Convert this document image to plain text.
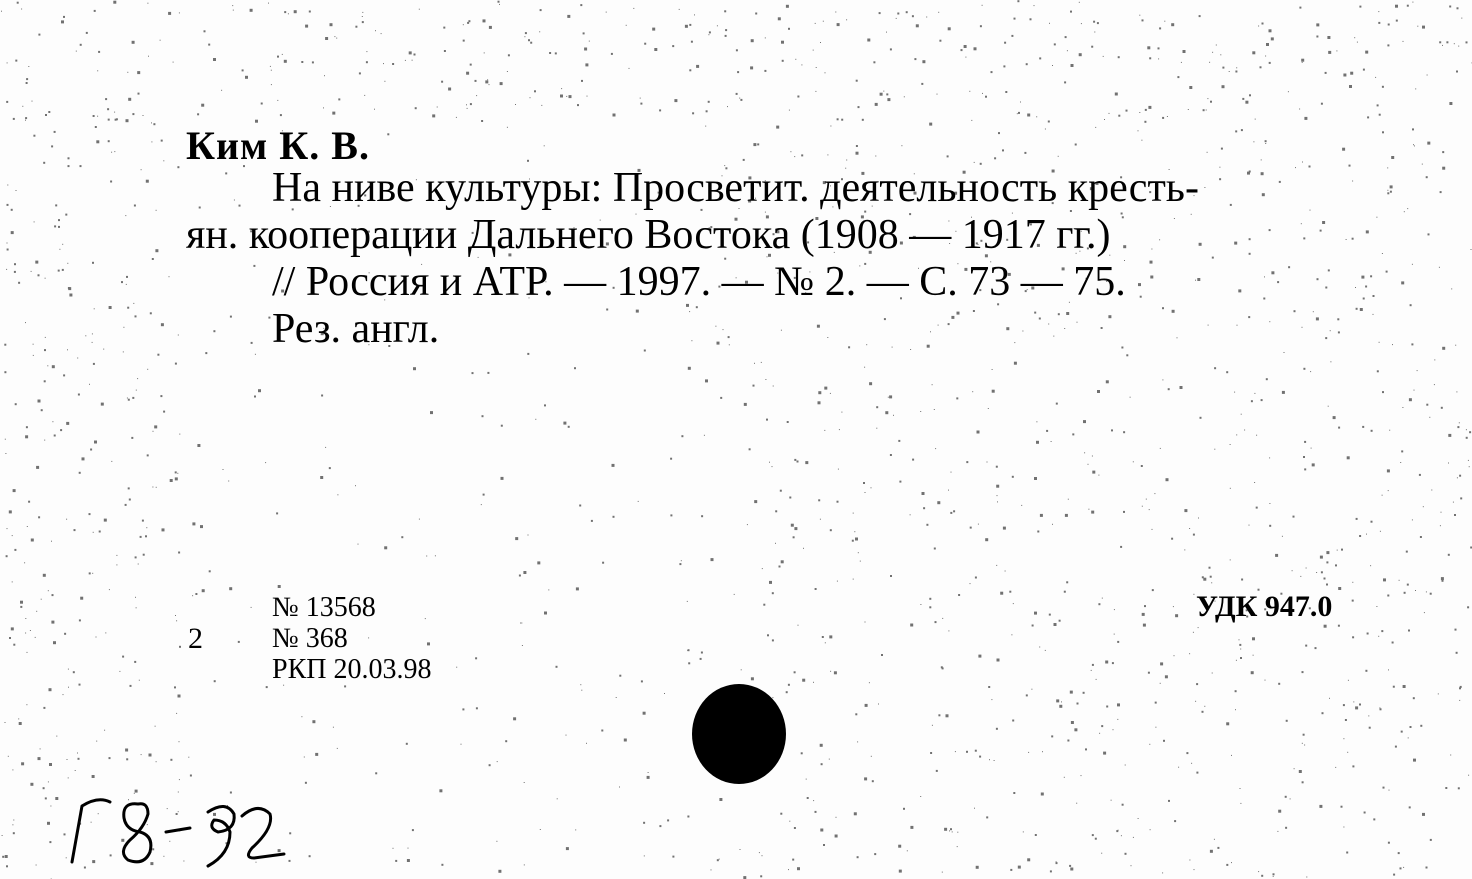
Ким К. В.
На ниве культуры: Просветит. деятельность кресть-
ян. кооперации Дальнего Востока (1908 — 1917 гг.)
// Россия и АТР. — 1997. — № 2. — С. 73 — 75.
Рез. англ.
2
№ 13568
№ 368
РКП 20.03.98
УДК 947.0
